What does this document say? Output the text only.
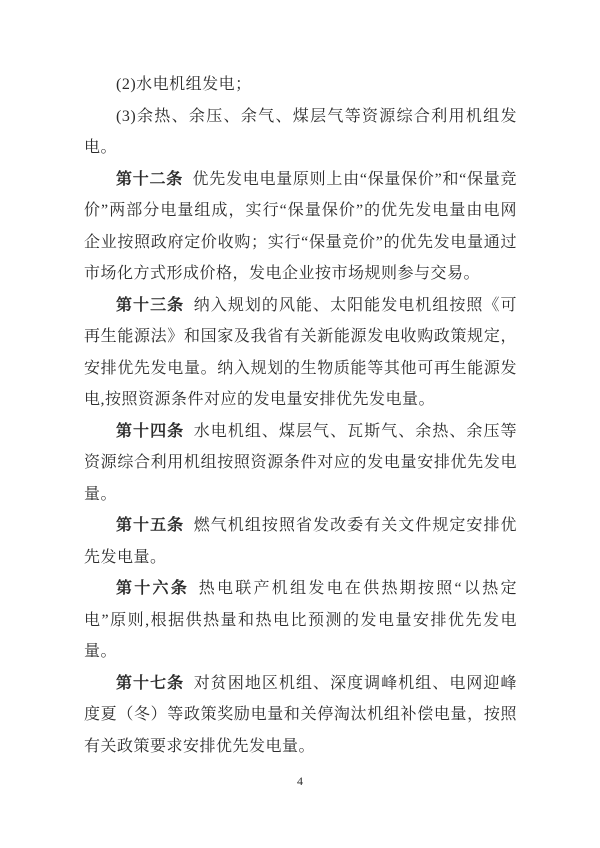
(2)水电机组发电；

(3)余热、余压、余气、煤层气等资源综合利用机组发电。

第十二条 优先发电电量原则上由“保量保价”和“保量竞价”两部分电量组成，实行“保量保价”的优先发电量由电网企业按照政府定价收购；实行“保量竞价”的优先发电量通过市场化方式形成价格，发电企业按市场规则参与交易。

第十三条 纳入规划的风能、太阳能发电机组按照《可再生能源法》和国家及我省有关新能源发电收购政策规定，安排优先发电量。纳入规划的生物质能等其他可再生能源发电,按照资源条件对应的发电量安排优先发电量。

第十四条 水电机组、煤层气、瓦斯气、余热、余压等资源综合利用机组按照资源条件对应的发电量安排优先发电量。

第十五条 燃气机组按照省发改委有关文件规定安排优先发电量。

第十六条 热电联产机组发电在供热期按照“以热定电”原则,根据供热量和热电比预测的发电量安排优先发电量。

第十七条 对贫困地区机组、深度调峰机组、电网迎峰度夏（冬）等政策奖励电量和关停淘汰机组补偿电量，按照有关政策要求安排优先发电量。

4
